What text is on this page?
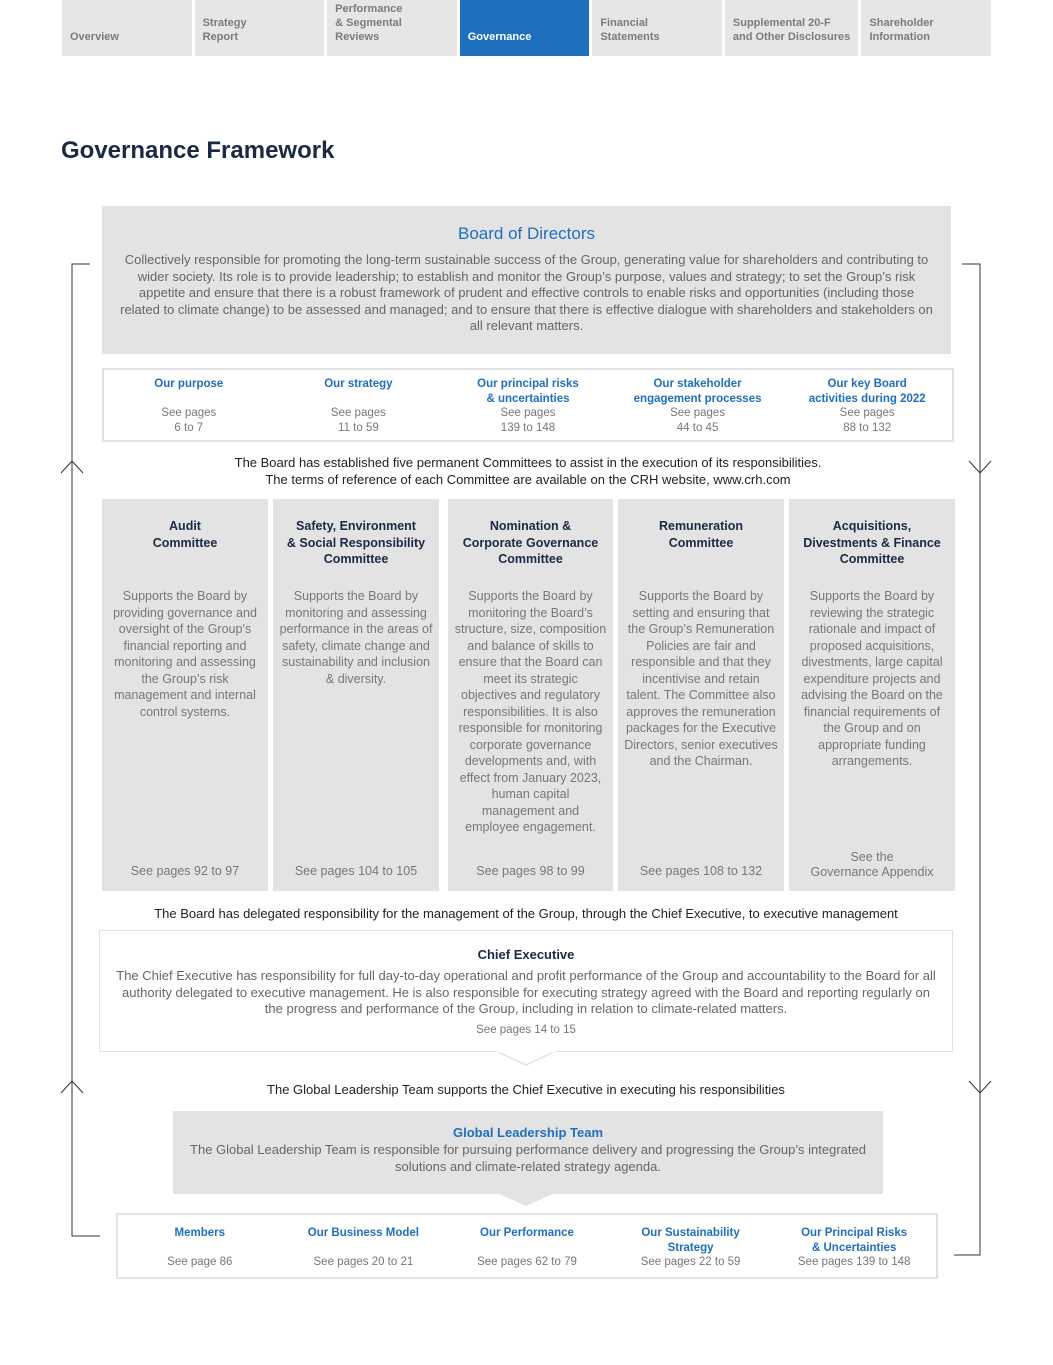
Overview
Strategy
Report
Performance
& Segmental Reviews	Governance
Financial
Statements
Supplemental 20-F
and Other Disclosures
Shareholder
Information
Governance Framework
Board of Directors

Collectively responsible for promoting the long-term sustainable success of the Group, generating value for shareholders and contributing to wider society. Its role is to provide leadership; to establish and monitor the Group’s purpose, values and strategy; to set the Group’s risk appetite and ensure that there is a robust framework of prudent and effective controls to enable risks and opportunities (including those related to climate change) to be assessed and managed; and to ensure that there is effective dialogue with shareholders and stakeholders on all relevant matters.

Our purpose
See pages
6 to 7
Our strategy
See pages
11 to 59
Our principal risks
& uncertainties
See pages
139 to 148
Our stakeholder
engagement processes
See pages
44 to 45
Our key Board
activities during 2022
See pages
88 to 132
The Board has established five permanent Committees to assist in the execution of its responsibilities.
The terms of reference of each Committee are available on the CRH website, www.crh.com
Audit
Committee
Supports the Board by providing governance and oversight of the Group’s financial reporting and monitoring and assessing the Group’s risk management and internal control systems.
See pages 92 to 97
Safety, Environment
& Social Responsibility
Committee
Supports the Board by monitoring and assessing performance in the areas of safety, climate change and sustainability and inclusion & diversity.
See pages 104 to 105
Nomination &
Corporate Governance
Committee
Supports the Board by monitoring the Board’s structure, size, composition and balance of skills to ensure that the Board can meet its strategic objectives and regulatory responsibilities. It is also responsible for monitoring corporate governance developments and, with effect from January 2023, human capital management and employee engagement.
See pages 98 to 99
Remuneration
Committee
Supports the Board by setting and ensuring that the Group’s Remuneration Policies are fair and responsible and that they incentivise and retain talent. The Committee also approves the remuneration packages for the Executive Directors, senior executives and the Chairman.
See pages 108 to 132
Acquisitions,
Divestments & Finance
Committee
Supports the Board by reviewing the strategic rationale and impact of proposed acquisitions, divestments, large capital expenditure projects and advising the Board on the financial requirements of the Group and on appropriate funding arrangements.
See the
Governance Appendix
The Board has delegated responsibility for the management of the Group, through the Chief Executive, to executive management
Chief Executive

The Chief Executive has responsibility for full day-to-day operational and profit performance of the Group and accountability to the Board for all authority delegated to executive management. He is also responsible for executing strategy agreed with the Board and reporting regularly on the progress and performance of the Group, including in relation to climate-related matters.

See pages 14 to 15
The Global Leadership Team supports the Chief Executive in executing his responsibilities
Global Leadership Team

The Global Leadership Team is responsible for pursuing performance delivery and progressing the Group’s integrated solutions and climate-related strategy agenda.

Members
See page 86
Our Business Model
See pages 20 to 21
Our Performance
See pages 62 to 79
Our Sustainability
Strategy
See pages 22 to 59
Our Principal Risks
& Uncertainties
See pages 139 to 148
